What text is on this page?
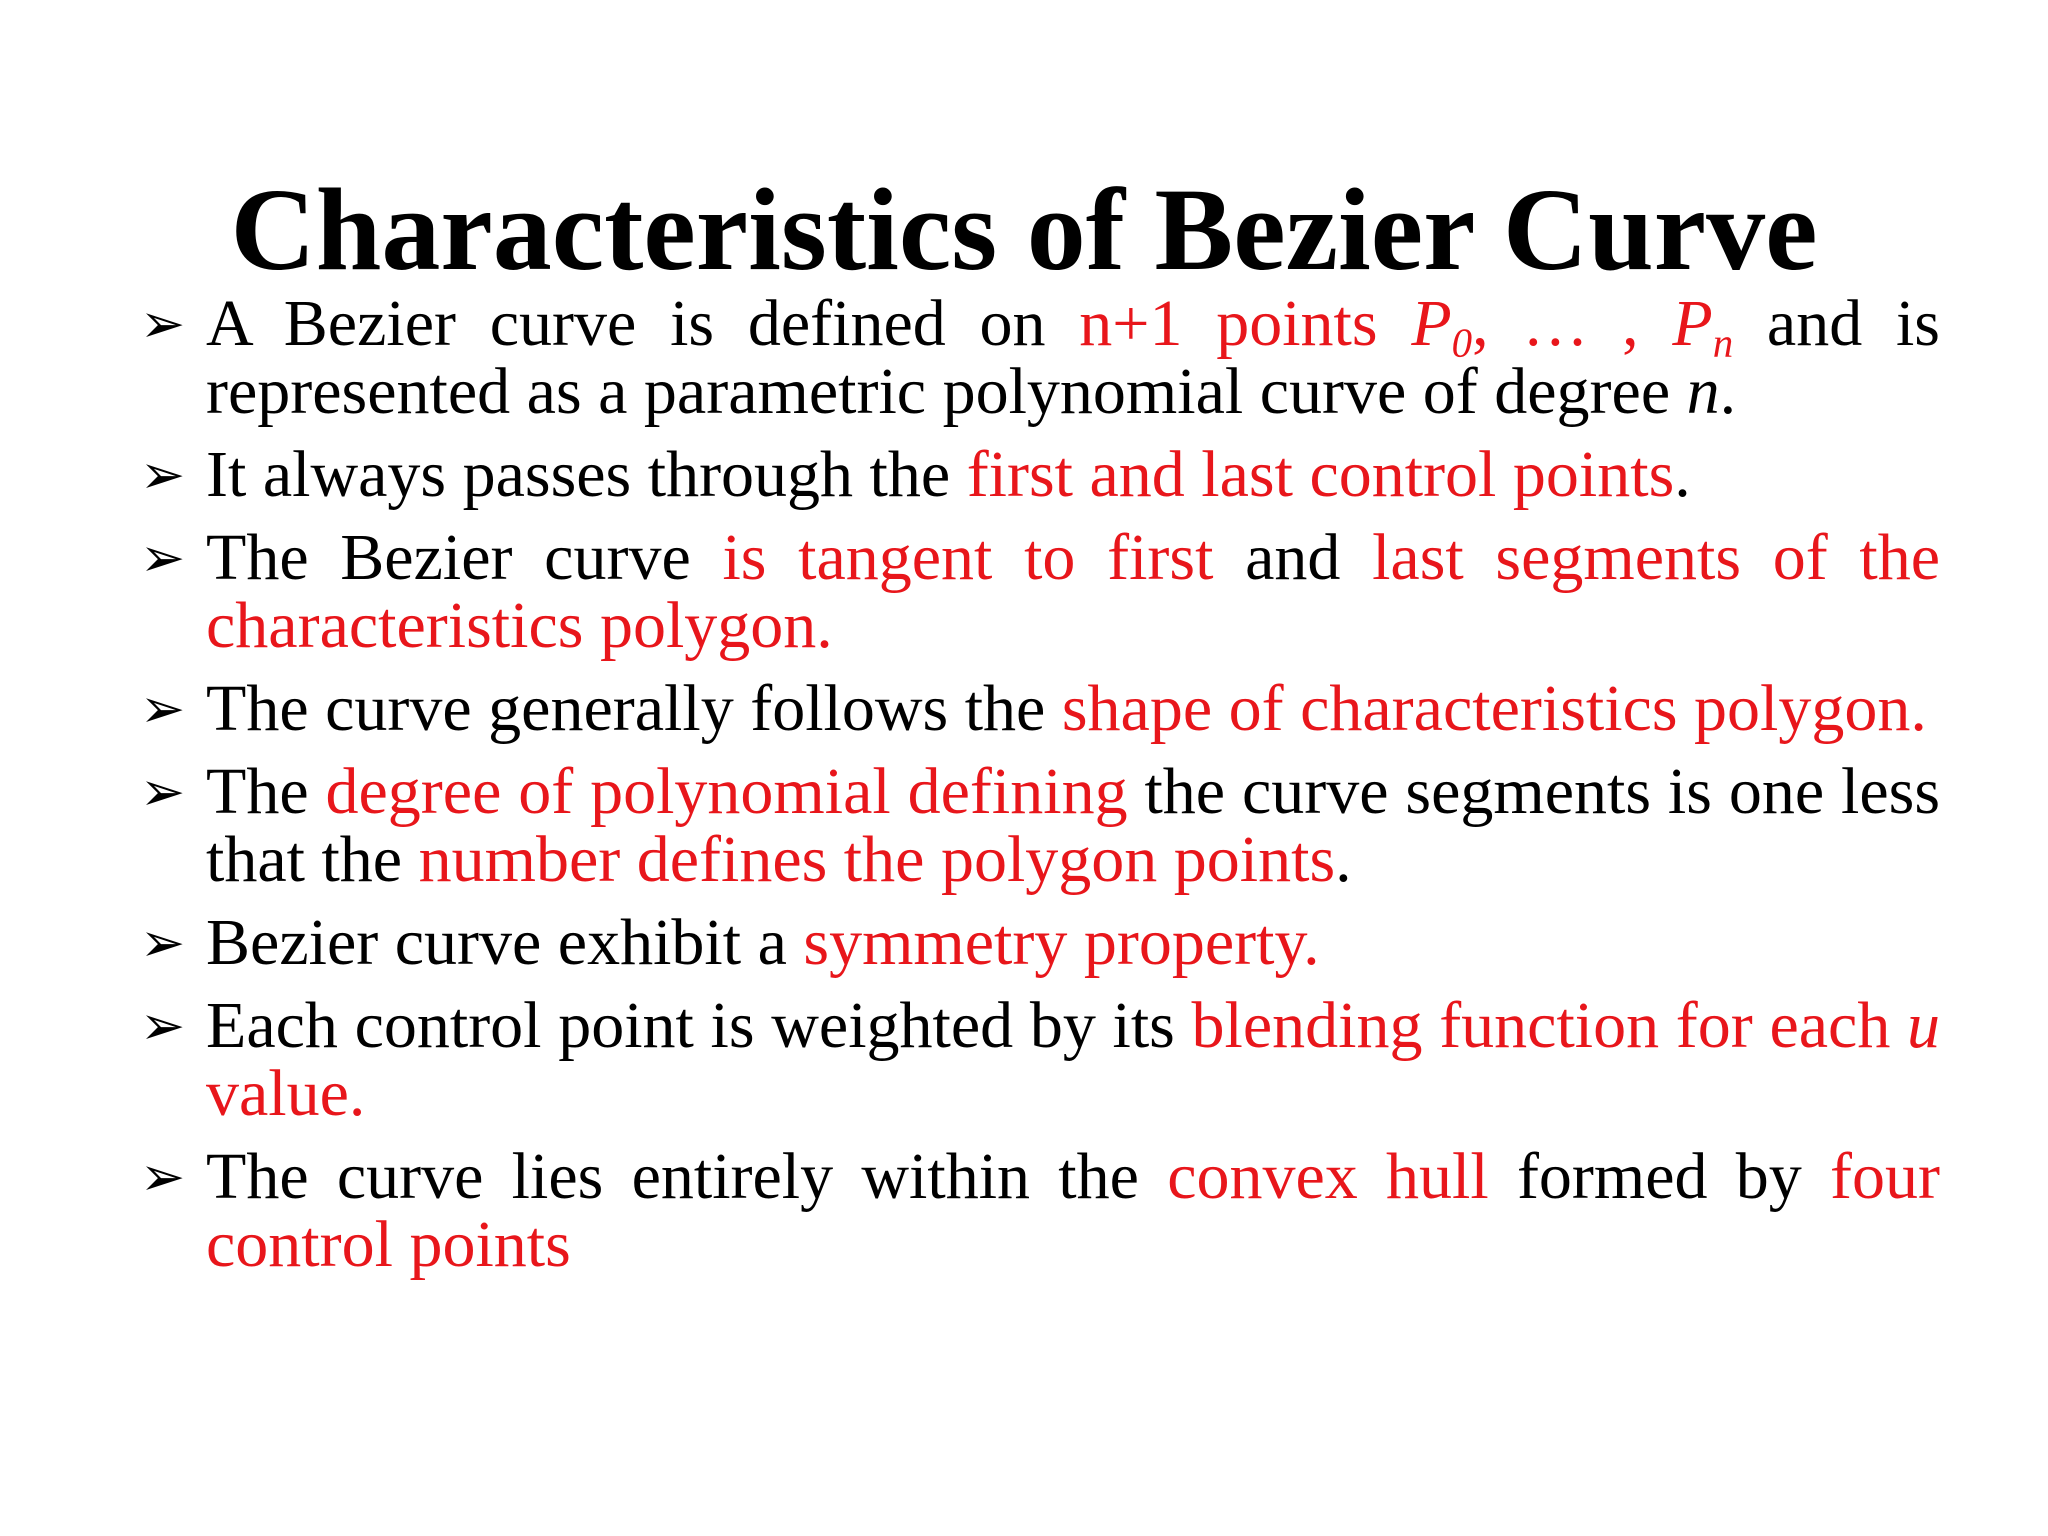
Characteristics of Bezier Curve
➢ A Bezier curve is defined on n+1 points $P_0$, … , $P_n$ and is represented as a parametric polynomial curve of degree n.
➢ It always passes through the first and last control points.
➢ The Bezier curve is tangent to first and last segments of the characteristics polygon.
➢ The curve generally follows the shape of characteristics polygon.
➢ The degree of polynomial defining the curve segments is one less that the number defines the polygon points.
➢ Bezier curve exhibit a symmetry property.
➢ Each control point is weighted by its blending function for each u value.
➢ The curve lies entirely within the convex hull formed by four control points
